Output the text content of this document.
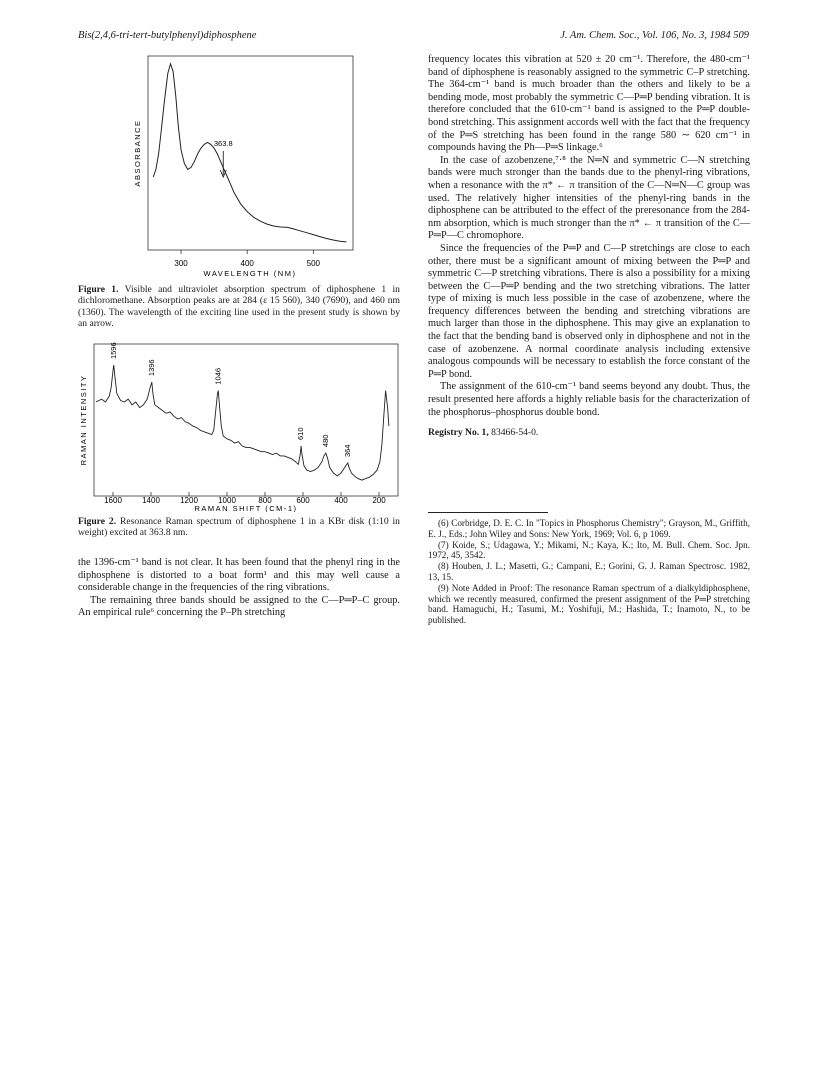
Bis(2,4,6-tri-tert-butylphenyl)diphosphene	J. Am. Chem. Soc., Vol. 106, No. 3, 1984 509
ABSORBANCE
300	400	500
WAVELENGTH (NM)
363.8
Figure 1. Visible and ultraviolet absorption spectrum of diphosphene 1 in dichloromethane. Absorption peaks are at 284 (ε 15 560), 340 (7690), and 460 nm (1360). The wavelength of the exciting line used in the present study is shown by an arrow.
RAMAN INTENSITY
1600	1400	1200	1000	800	600	400	200
RAMAN SHIFT (CM-1)
1596
1396
1046
610
480
364
Figure 2. Resonance Raman spectrum of diphosphene 1 in a KBr disk (1:10 in weight) excited at 363.8 nm.

the 1396-cm⁻¹ band is not clear. It has been found that the phenyl ring in the diphosphene is distorted to a boat form¹ and this may well cause a considerable change in the frequencies of the ring vibrations.

The remaining three bands should be assigned to the C—P═P–C group. An empirical rule⁶ concerning the P–Ph stretching

frequency locates this vibration at 520 ± 20 cm⁻¹. Therefore, the 480-cm⁻¹ band of diphosphene is reasonably assigned to the symmetric C–P stretching. The 364-cm⁻¹ band is much broader than the others and likely to be a bending mode, most probably the symmetric C—P═P bending vibration. It is therefore concluded that the 610-cm⁻¹ band is assigned to the P═P double-bond stretching. This assignment accords well with the fact that the frequency of the P═S stretching has been found in the range 580 ∼ 620 cm⁻¹ in compounds having the Ph—P═S linkage.⁶

In the case of azobenzene,⁷·⁸ the N═N and symmetric C—N stretching bands were much stronger than the bands due to the phenyl-ring vibrations, when a resonance with the π* ← π transition of the C—N═N—C group was used. The relatively higher intensities of the phenyl-ring bands in the diphosphene can be attributed to the effect of the preresonance from the 284-nm absorption, which is much stronger than the π* ← π transition of the C—P═P—C chromophore.

Since the frequencies of the P═P and C—P stretchings are close to each other, there must be a significant amount of mixing between the P═P and symmetric C—P stretching vibrations. There is also a possibility for a mixing between the C—P═P bending and the two stretching vibrations. The latter type of mixing is much less possible in the case of azobenzene, where the frequency differences between the bending and stretching vibrations are much larger than those in the diphosphene. This may give an explanation to the fact that the bending band is observed only in diphosphene and not in the case of azobenzene. A normal coordinate analysis including extensive analogous compounds will be necessary to establish the force constant of the P═P bond.

The assignment of the 610-cm⁻¹ band seems beyond any doubt. Thus, the result presented here affords a highly reliable basis for the characterization of the phosphorus–phosphorus double bond.

Registry No. 1, 83466-54-0.

(6) Corbridge, D. E. C. In "Topics in Phosphorus Chemistry"; Grayson, M., Griffith, E. J., Eds.; John Wiley and Sons: New York, 1969; Vol. 6, p 1069.

(7) Koide, S.; Udagawa, Y.; Mikami, N.; Kaya, K.; Ito, M. Bull. Chem. Soc. Jpn. 1972, 45, 3542.

(8) Houben, J. L.; Masetti, G.; Campani, E.; Gorini, G. J. Raman Spectrosc. 1982, 13, 15.

(9) Note Added in Proof: The resonance Raman spectrum of a dialkyldiphosphene, which we recently measured, confirmed the present assignment of the P═P stretching band. Hamaguchi, H.; Tasumi, M.; Yoshifuji, M.; Hashida, T.; Inamoto, N., to be published.
